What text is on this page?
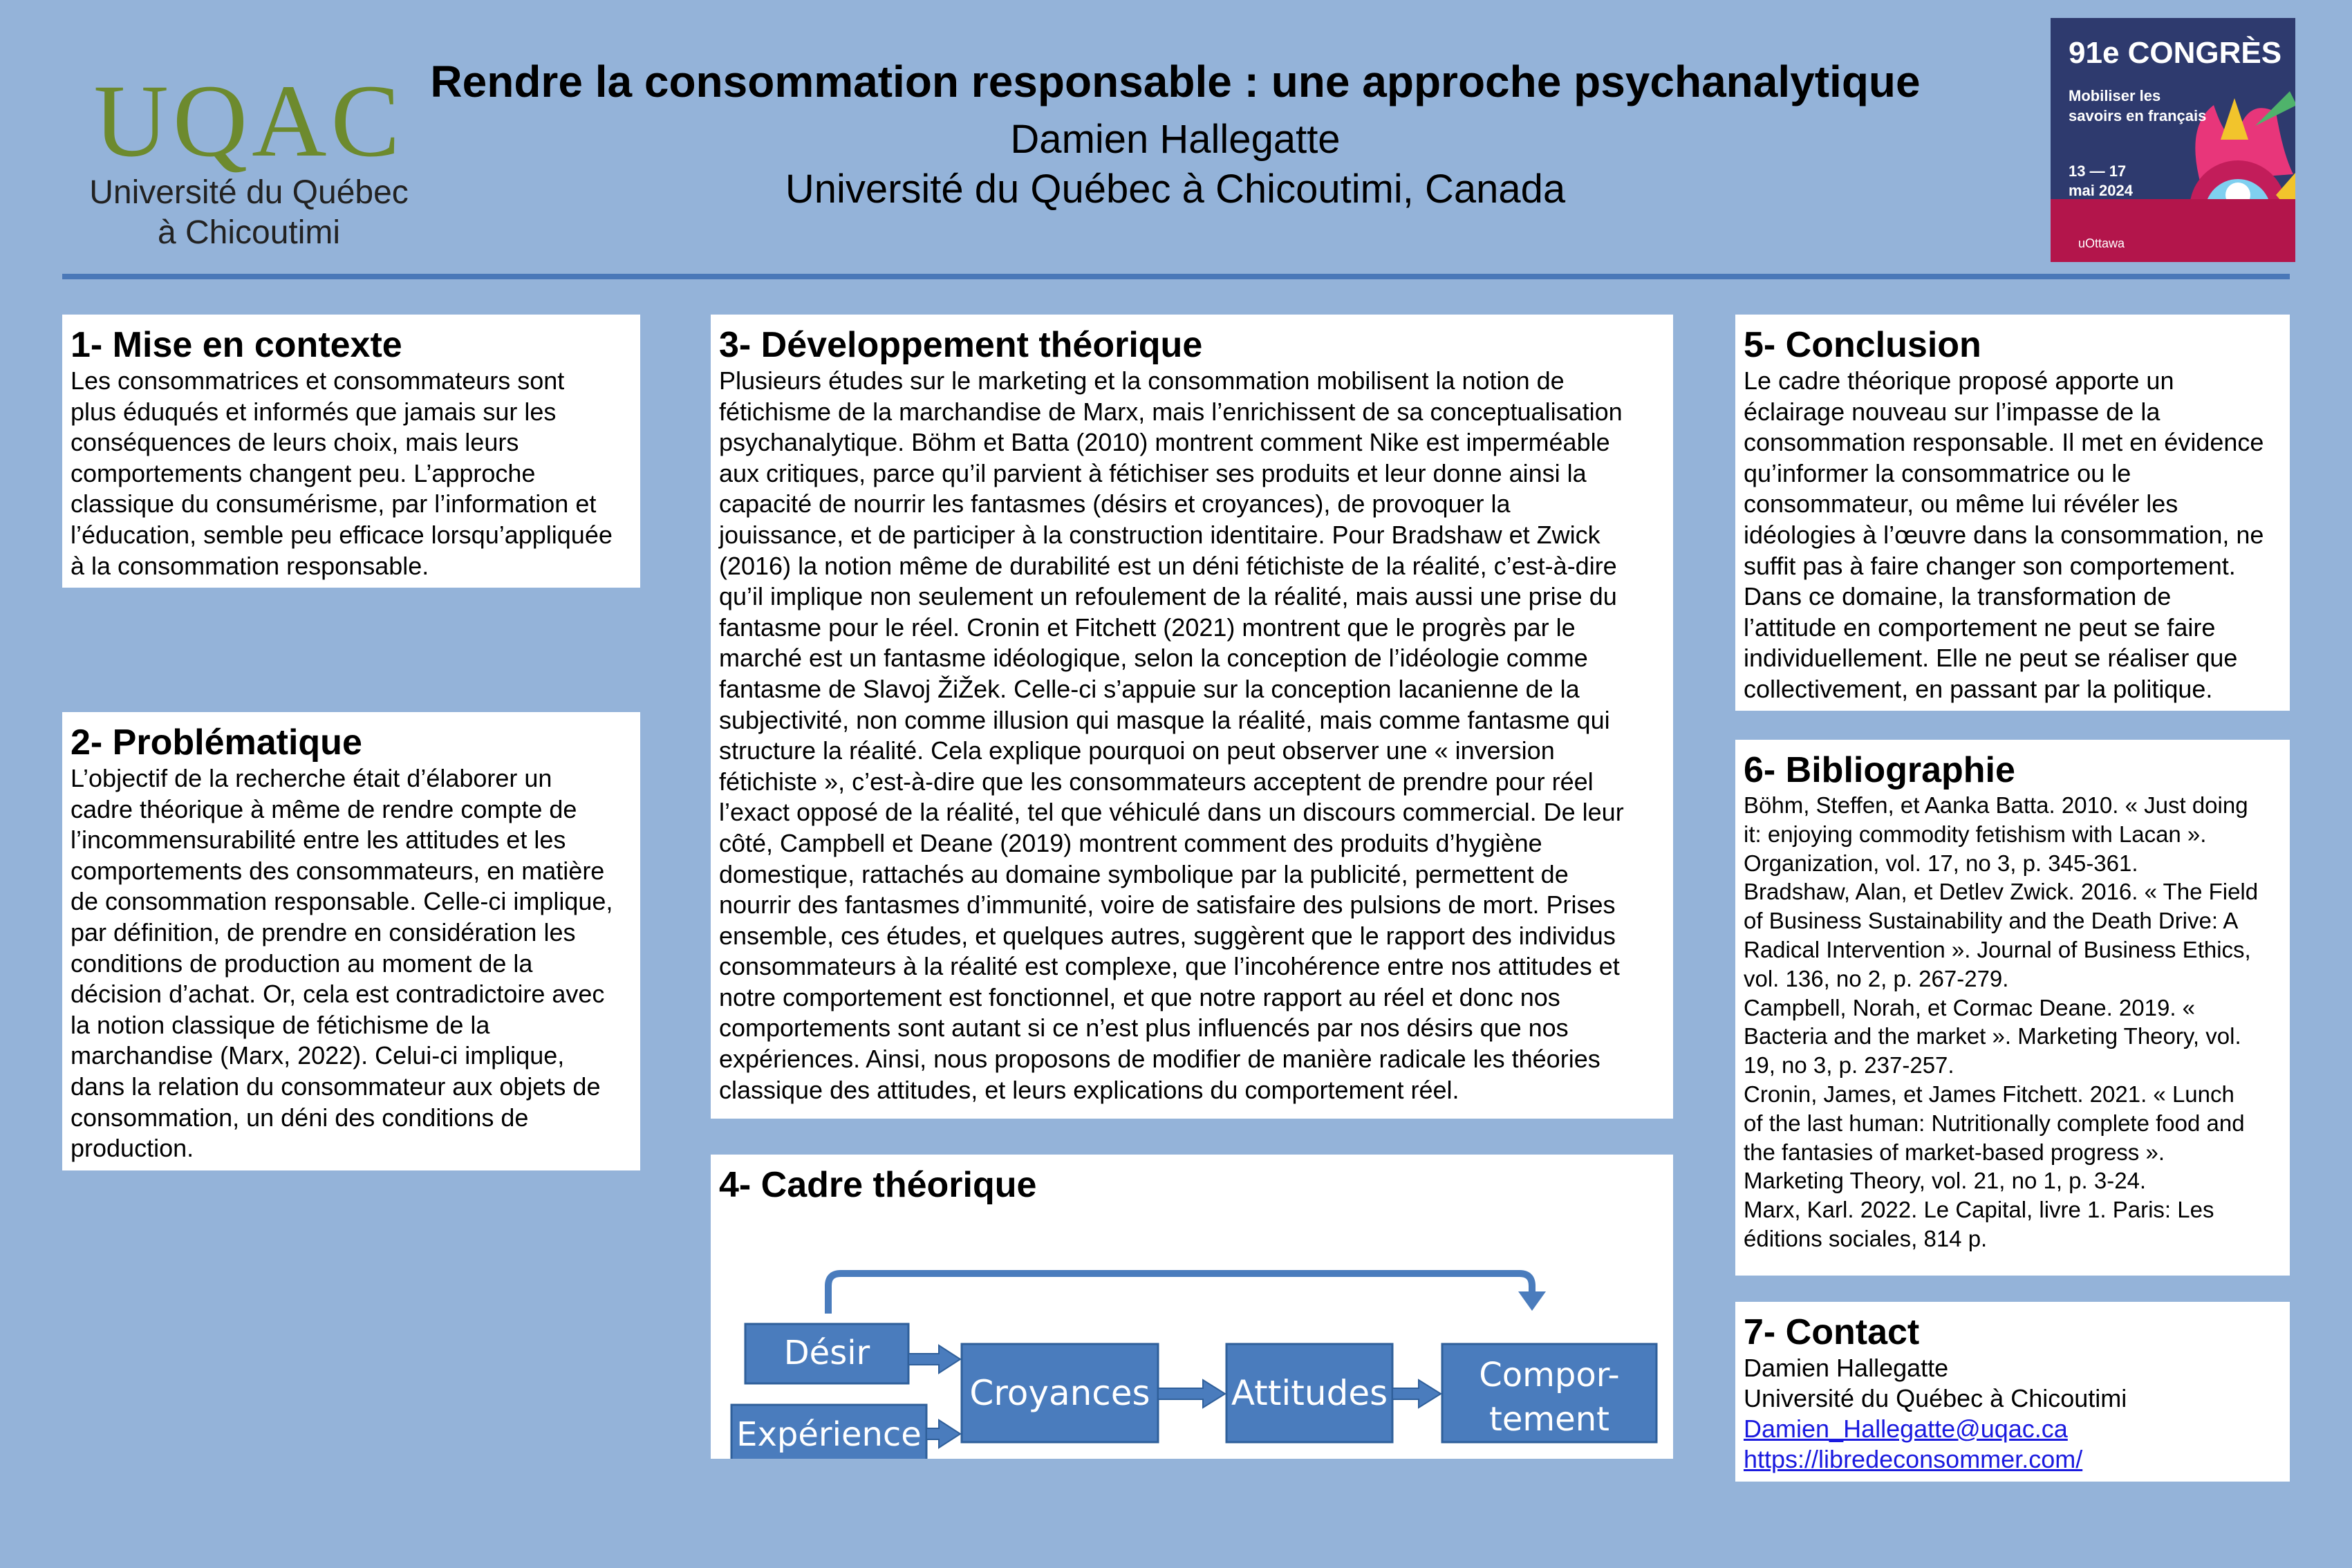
UQAC
Université du Québec
à Chicoutimi
Rendre la consommation responsable : une approche psychanalytique
Damien Hallegatte
Université du Québec à Chicoutimi, Canada
91e CONGRÈS
Mobiliser les savoirs en français
13 — 17 mai 2024
uOttawa
1- Mise en contexte

Les consommatrices et consommateurs sont

plus éduqués et informés que jamais sur les

conséquences de leurs choix, mais leurs

comportements changent peu. L’approche

classique du consumérisme, par l’information et

l’éducation, semble peu efficace lorsqu’appliquée

à la consommation responsable.

2- Problématique

L’objectif de la recherche était d’élaborer un

cadre théorique à même de rendre compte de

l’incommensurabilité entre les attitudes et les

comportements des consommateurs, en matière

de consommation responsable. Celle-ci implique,

par définition, de prendre en considération les

conditions de production au moment de la

décision d’achat. Or, cela est contradictoire avec

la notion classique de fétichisme de la

marchandise (Marx, 2022). Celui-ci implique,

dans la relation du consommateur aux objets de

consommation, un déni des conditions de

production.

3- Développement théorique

Plusieurs études sur le marketing et la consommation mobilisent la notion de

fétichisme de la marchandise de Marx, mais l’enrichissent de sa conceptualisation

psychanalytique. Böhm et Batta (2010) montrent comment Nike est imperméable

aux critiques, parce qu’il parvient à fétichiser ses produits et leur donne ainsi la

capacité de nourrir les fantasmes (désirs et croyances), de provoquer la

jouissance, et de participer à la construction identitaire. Pour Bradshaw et Zwick

(2016) la notion même de durabilité est un déni fétichiste de la réalité, c’est-à-dire

qu’il implique non seulement un refoulement de la réalité, mais aussi une prise du

fantasme pour le réel. Cronin et Fitchett (2021) montrent que le progrès par le

marché est un fantasme idéologique, selon la conception de l’idéologie comme

fantasme de Slavoj ŽiŽek. Celle-ci s’appuie sur la conception lacanienne de la

subjectivité, non comme illusion qui masque la réalité, mais comme fantasme qui

structure la réalité. Cela explique pourquoi on peut observer une « inversion

fétichiste », c’est-à-dire que les consommateurs acceptent de prendre pour réel

l’exact opposé de la réalité, tel que véhiculé dans un discours commercial. De leur

côté, Campbell et Deane (2019) montrent comment des produits d’hygiène

domestique, rattachés au domaine symbolique par la publicité, permettent de

nourrir des fantasmes d’immunité, voire de satisfaire des pulsions de mort. Prises

ensemble, ces études, et quelques autres, suggèrent que le rapport des individus

consommateurs à la réalité est complexe, que l’incohérence entre nos attitudes et

notre comportement est fonctionnel, et que notre rapport au réel et donc nos

comportements sont autant si ce n’est plus influencés par nos désirs que nos

expériences. Ainsi, nous proposons de modifier de manière radicale les théories

classique des attitudes, et leurs explications du comportement réel.

4- Cadre théorique
Désir
Expérience
Croyances Attitudes	Compor-
tement
5- Conclusion

Le cadre théorique proposé apporte un

éclairage nouveau sur l’impasse de la

consommation responsable. Il met en évidence

qu’informer la consommatrice ou le

consommateur, ou même lui révéler les

idéologies à l’œuvre dans la consommation, ne

suffit pas à faire changer son comportement.

Dans ce domaine, la transformation de

l’attitude en comportement ne peut se faire

individuellement. Elle ne peut se réaliser que

collectivement, en passant par la politique.

6- Bibliographie

Böhm, Steffen, et Aanka Batta. 2010. « Just doing

it: enjoying commodity fetishism with Lacan ».

Organization, vol. 17, no 3, p. 345-361.

Bradshaw, Alan, et Detlev Zwick. 2016. « The Field

of Business Sustainability and the Death Drive: A

Radical Intervention ». Journal of Business Ethics,

vol. 136, no 2, p. 267-279.

Campbell, Norah, et Cormac Deane. 2019. «

Bacteria and the market ». Marketing Theory, vol.

19, no 3, p. 237-257.

Cronin, James, et James Fitchett. 2021. « Lunch

of the last human: Nutritionally complete food and

the fantasies of market-based progress ».

Marketing Theory, vol. 21, no 1, p. 3-24.

Marx, Karl. 2022. Le Capital, livre 1. Paris: Les

éditions sociales, 814 p.

7- Contact
Damien Hallegatte
Université du Québec à Chicoutimi
Damien_Hallegatte@uqac.ca
https://libredeconsommer.com/
